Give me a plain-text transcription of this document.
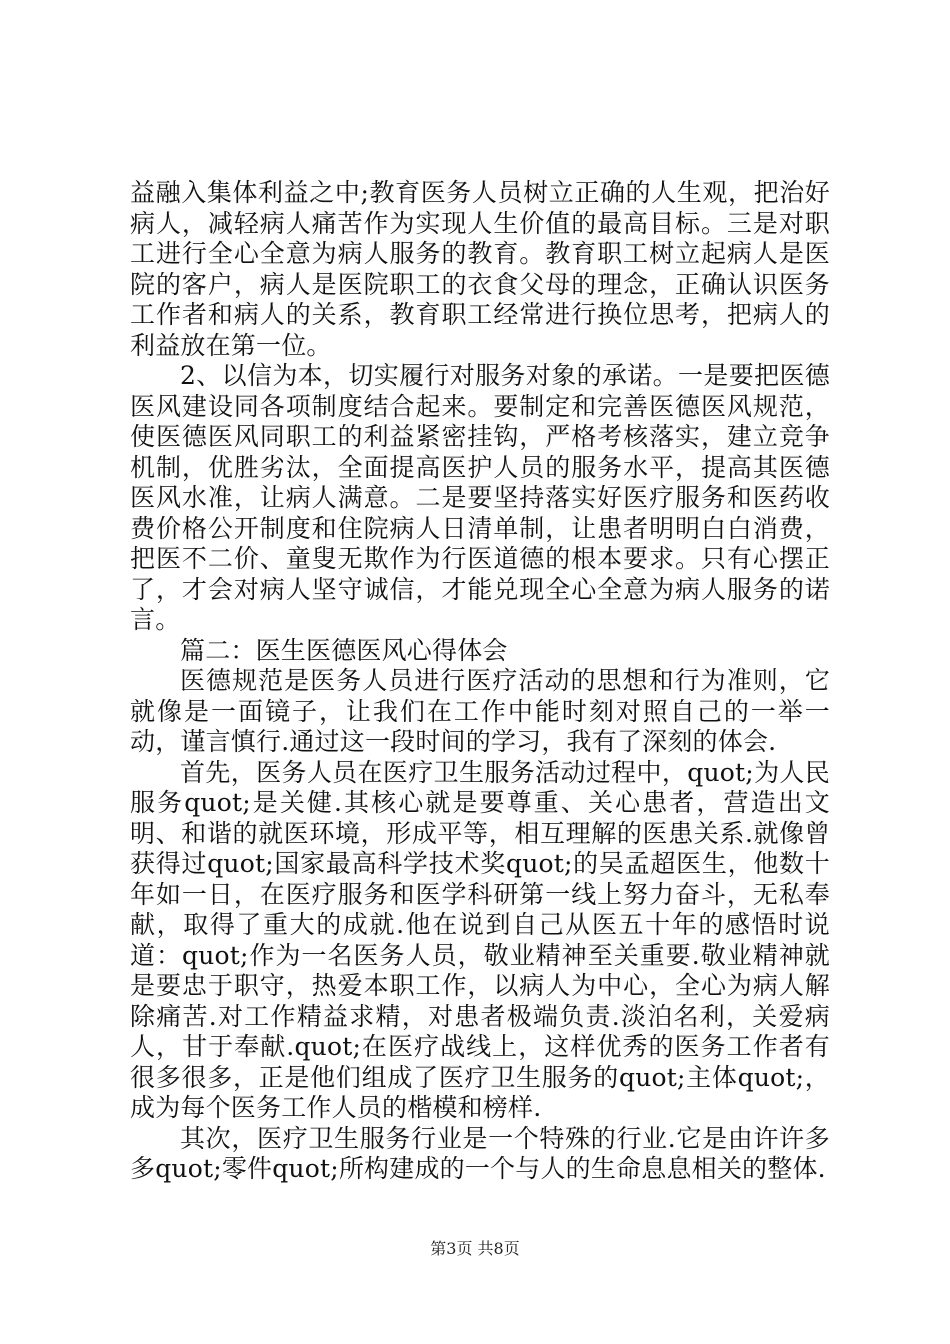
益融入集体利益之中;教育医务人员树立正确的人生观，把治好病人，减轻病人痛苦作为实现人生价值的最高目标。三是对职工进行全心全意为病人服务的教育。教育职工树立起病人是医院的客户，病人是医院职工的衣食父母的理念，正确认识医务工作者和病人的关系，教育职工经常进行换位思考，把病人的利益放在第一位。

2、以信为本，切实履行对服务对象的承诺。一是要把医德医风建设同各项制度结合起来。要制定和完善医德医风规范，使医德医风同职工的利益紧密挂钩，严格考核落实，建立竞争机制，优胜劣汰，全面提高医护人员的服务水平，提高其医德医风水准，让病人满意。二是要坚持落实好医疗服务和医药收费价格公开制度和住院病人日清单制，让患者明明白白消费，把医不二价、童叟无欺作为行医道德的根本要求。只有心摆正了，才会对病人坚守诚信，才能兑现全心全意为病人服务的诺言。

篇二：医生医德医风心得体会

医德规范是医务人员进行医疗活动的思想和行为准则，它就像是一面镜子，让我们在工作中能时刻对照自己的一举一动，谨言慎行.通过这一段时间的学习，我有了深刻的体会.

首先，医务人员在医疗卫生服务活动过程中，quot;为人民服务quot;是关健.其核心就是要尊重、关心患者，营造出文明、和谐的就医环境，形成平等，相互理解的医患关系.就像曾获得过quot;国家最高科学技术奖quot;的吴孟超医生，他数十年如一日，在医疗服务和医学科研第一线上努力奋斗，无私奉献，取得了重大的成就.他在说到自己从医五十年的感悟时说道：quot;作为一名医务人员，敬业精神至关重要.敬业精神就是要忠于职守，热爱本职工作，以病人为中心，全心为病人解除痛苦.对工作精益求精，对患者极端负责.淡泊名利，关爱病人，甘于奉献.quot;在医疗战线上，这样优秀的医务工作者有很多很多，正是他们组成了医疗卫生服务的quot;主体quot;，成为每个医务工作人员的楷模和榜样.

其次，医疗卫生服务行业是一个特殊的行业.它是由许许多多quot;零件quot;所构建成的一个与人的生命息息相关的整体.

第3页 共8页
